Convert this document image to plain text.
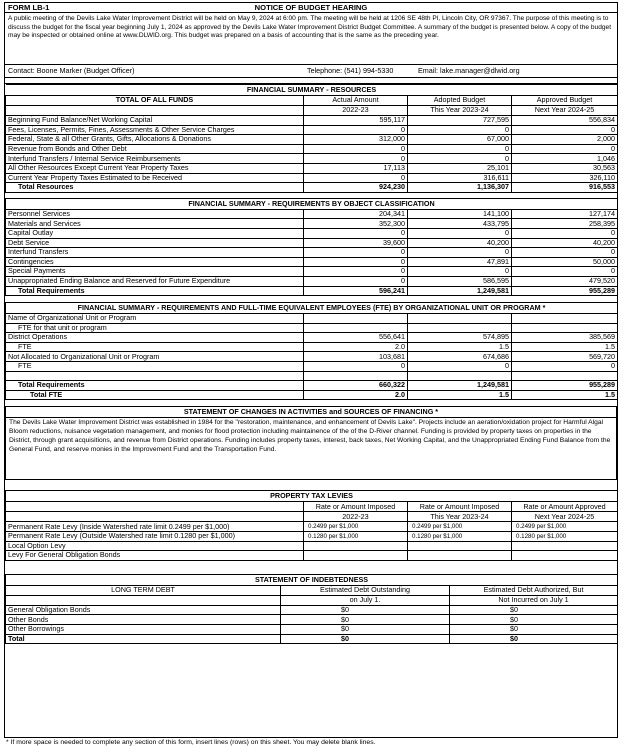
FORM LB-1	NOTICE OF BUDGET HEARING
A public meeting of the Devils Lake Water Improvement District will be held on May 9, 2024 at 6:00 pm. The meeting will be held at 1206 SE 48th Pl, Lincoln City, OR 97367. The purpose of this meeting is to discuss the budget for the fiscal year beginning July 1, 2024 as approved by the Devils Lake Water Improvement District Budget Committee. A summary of the budget is presented below. A copy of the budget may be inspected or obtained online at www.DLWID.org. This budget was prepared on a basis of accounting that is the same as the preceding year.
Contact: Boone Marker (Budget Officer)	Telephone: (541) 994-5330	Email: lake.manager@dlwid.org
FINANCIAL SUMMARY - RESOURCES			
TOTAL OF ALL FUNDS	Actual Amount	Adopted Budget	Approved Budget
	2022-23	This Year 2023-24	Next Year 2024-25
Beginning Fund Balance/Net Working Capital	595,117	727,595	556,834
Fees, Licenses, Permits, Fines, Assessments & Other Service Charges	0	0	0
Federal, State & all Other Grants, Gifts, Allocations & Donations	312,000	67,000	2,000
Revenue from Bonds and Other Debt	0	0	0
Interfund Transfers / Internal Service Reimbursements	0	0	1,046
All Other Resources Except Current Year Property Taxes	17,113	25,101	30,563
Current Year Property Taxes Estimated to be Received	0	316,611	326,110
Total Resources	924,230	1,136,307	916,553
FINANCIAL SUMMARY - REQUIREMENTS BY OBJECT CLASSIFICATION			
Personnel Services	204,341	141,100	127,174
Materials and Services	352,300	433,795	258,395
Capital Outlay	0	0	0
Debt Service	39,600	40,200	40,200
Interfund Transfers	0	0	0
Contingencies	0	47,891	50,000
Special Payments	0	0	0
Unappropriated Ending Balance and Reserved for Future Expenditure	0	586,595	479,520
Total Requirements	596,241	1,249,581	955,289
FINANCIAL SUMMARY - REQUIREMENTS AND FULL-TIME EQUIVALENT EMPLOYEES (FTE) BY ORGANIZATIONAL UNIT OR PROGRAM *			
Name of Organizational Unit or Program			
FTE for that unit or program			
District Operations	556,641	574,895	385,569
FTE	2.0	1.5	1.5
Not Allocated to Organizational Unit or Program	103,681	674,686	569,720
FTE	0	0	0

Total Requirements	660,322	1,249,581	955,289
Total FTE	2.0	1.5	1.5
STATEMENT OF CHANGES IN ACTIVITIES and SOURCES OF FINANCING *
The Devils Lake Water Improvement District was established in 1984 for the "restoration, maintenance, and enhancement of Devils Lake". Projects include an aeration/oxidation project for Harmful Algal Bloom reductions, nuisance vegetation management, and monies for flood protection including maintainence of the of the D-River channel. Funding is provided by property taxes on properties in the District, through grant acquisitions, and revenue from District operations. Funding includes property taxes, interest, back taxes, Net Working Capital, and the Unappropriated Ending Fund Balance from the General Fund, and reserve monies in the Improvement Fund and the Transportation Fund.
PROPERTY TAX LEVIES			
	Rate or Amount Imposed	Rate or Amount Imposed	Rate or Amount Approved
	2022-23	This Year 2023-24	Next Year 2024-25
Permanent Rate Levy (Inside Watershed rate limit 0.2499 per $1,000)	0.2499 per $1,000	0.2499 per $1,000	0.2499 per $1,000
Permanent Rate Levy (Outside Watershed rate limit 0.1280 per $1,000)	0.1280 per $1,000	0.1280 per $1,000	0.1280 per $1,000
Local Option Levy			
Levy For General Obligation Bonds			
STATEMENT OF INDEBTEDNESS		
LONG TERM DEBT	Estimated Debt Outstanding	Estimated Debt Authorized, But
	on July 1.	Not Incurred on July 1
General Obligation Bonds	$0	$0
Other Bonds	$0	$0
Other Borrowings	$0	$0
Total	$0	$0
* If more space is needed to complete any section of this form, insert lines (rows) on this sheet. You may delete blank lines.
